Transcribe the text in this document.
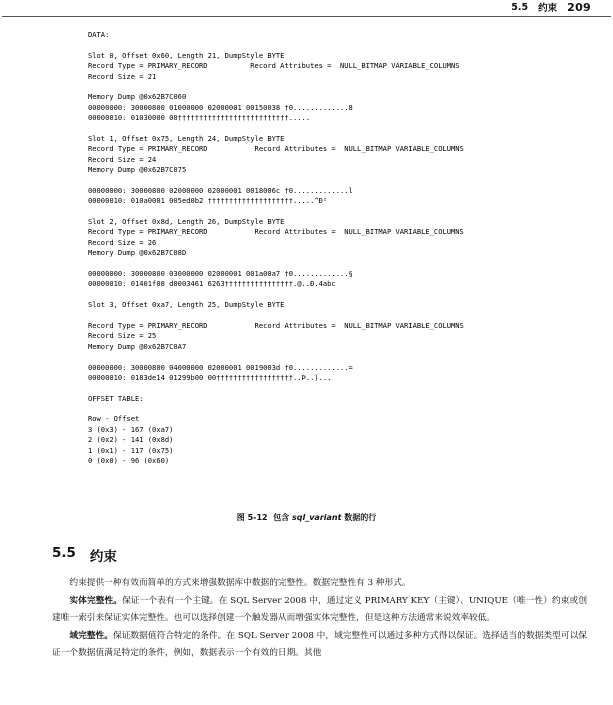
5.5 约束 209
DATA:
Slot 0, Offset 0x60, Length 21, DumpStyle BYTE
Record Type = PRIMARY_RECORD          Record Attributes =  NULL_BITMAP VARIABLE_COLUMNS
Record Size = 21
Memory Dump @0x62B7C060
00000000: 30000800 01000000 02000001 00150038 †0.............8
00000010: 01030000 00††††††††††††††††††††††††††.....
Slot 1, Offset 0x75, Length 24, DumpStyle BYTE
Record Type = PRIMARY_RECORD           Record Attributes =  NULL_BITMAP VARIABLE_COLUMNS
Record Size = 24
Memory Dump @0x62B7C075
00000000: 30000800 02000000 02000001 0018006c †0.............l
00000010: 010a0001 005ed0b2 ††††††††††††††††††††.....^Ð²
Slot 2, Offset 0x8d, Length 26, DumpStyle BYTE
Record Type = PRIMARY_RECORD           Record Attributes =  NULL_BITMAP VARIABLE_COLUMNS
Record Size = 26
Memory Dump @0x62B7C08D
00000000: 30000800 03000000 02000001 001a00a7 †0.............§
00000010: 01401f08 d0003461 6263††††††††††††††††.@..Ð.4abc
Slot 3, Offset 0xa7, Length 25, DumpStyle BYTE
Record Type = PRIMARY_RECORD           Record Attributes =  NULL_BITMAP VARIABLE_COLUMNS
Record Size = 25
Memory Dump @0x62B7C0A7
00000000: 30000800 04000000 02000001 0019003d †0.............=
00000010: 0183de14 01299b00 00††††††††††††††††††..Þ..)...
OFFSET TABLE:
Row - Offset
3 (0x3) - 167 (0xa7)
2 (0x2) - 141 (0x8d)
1 (0x1) - 117 (0x75)
0 (0x0) - 96 (0x60)
图 5-12 包含 sql_variant 数据的行
5.5 约束

约束提供一种有效而简单的方式来增强数据库中数据的完整性。数据完整性有 3 种形式。

实体完整性。保证一个表有一个主键。在 SQL Server 2008 中，通过定义 PRIMARY KEY（主键）、UNIQUE（唯一性）约束或创建唯一索引来保证实体完整性。也可以选择创建一个触发器从而增强实体完整性，但是这种方法通常来说效率较低。

域完整性。保证数据值符合特定的条件。在 SQL Server 2008 中，域完整性可以通过多种方式得以保证。选择适当的数据类型可以保证一个数据值满足特定的条件，例如，数据表示一个有效的日期。其他
